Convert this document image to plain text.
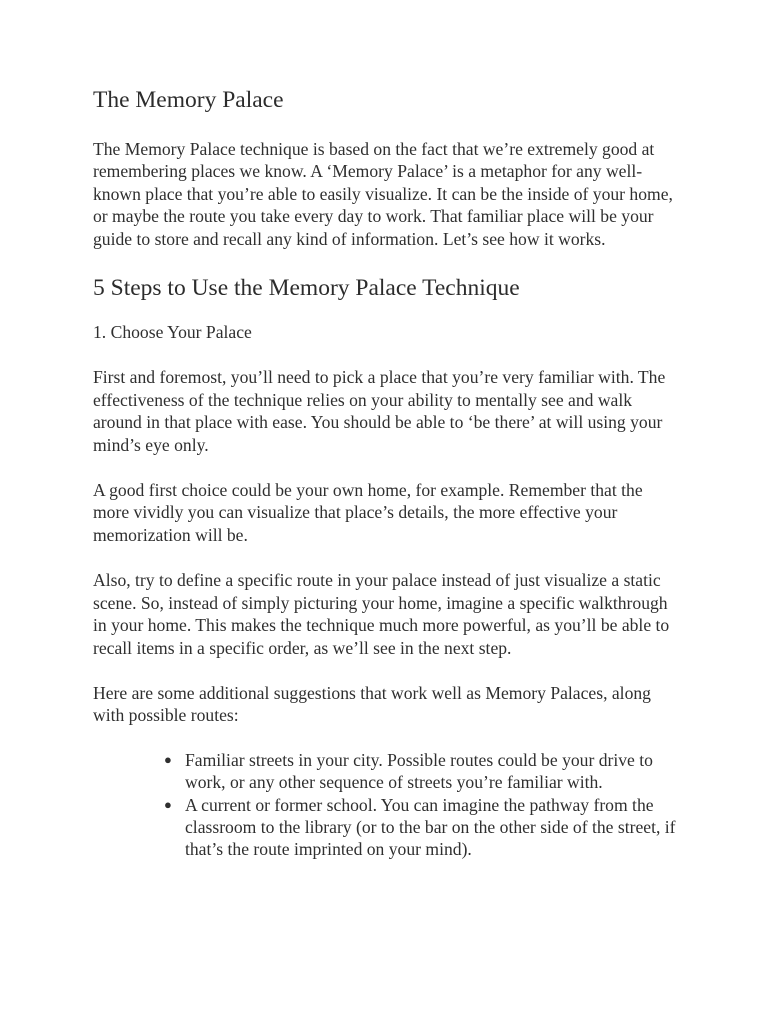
The Memory Palace

The Memory Palace technique is based on the fact that we’re extremely good at remembering places we know. A ‘Memory Palace’ is a metaphor for any well-known place that you’re able to easily visualize. It can be the inside of your home, or maybe the route you take every day to work. That familiar place will be your guide to store and recall any kind of information. Let’s see how it works.

5 Steps to Use the Memory Palace Technique
1. Choose Your Palace

First and foremost, you’ll need to pick a place that you’re very familiar with. The effectiveness of the technique relies on your ability to mentally see and walk around in that place with ease. You should be able to ‘be there’ at will using your mind’s eye only.

A good first choice could be your own home, for example. Remember that the more vividly you can visualize that place’s details, the more effective your memorization will be.

Also, try to define a specific route in your palace instead of just visualize a static scene. So, instead of simply picturing your home, imagine a specific walkthrough in your home. This makes the technique much more powerful, as you’ll be able to recall items in a specific order, as we’ll see in the next step.

Here are some additional suggestions that work well as Memory Palaces, along with possible routes:

● Familiar streets in your city. Possible routes could be your drive to work, or any other sequence of streets you’re familiar with.
● A current or former school. You can imagine the pathway from the classroom to the library (or to the bar on the other side of the street, if that’s the route imprinted on your mind).
